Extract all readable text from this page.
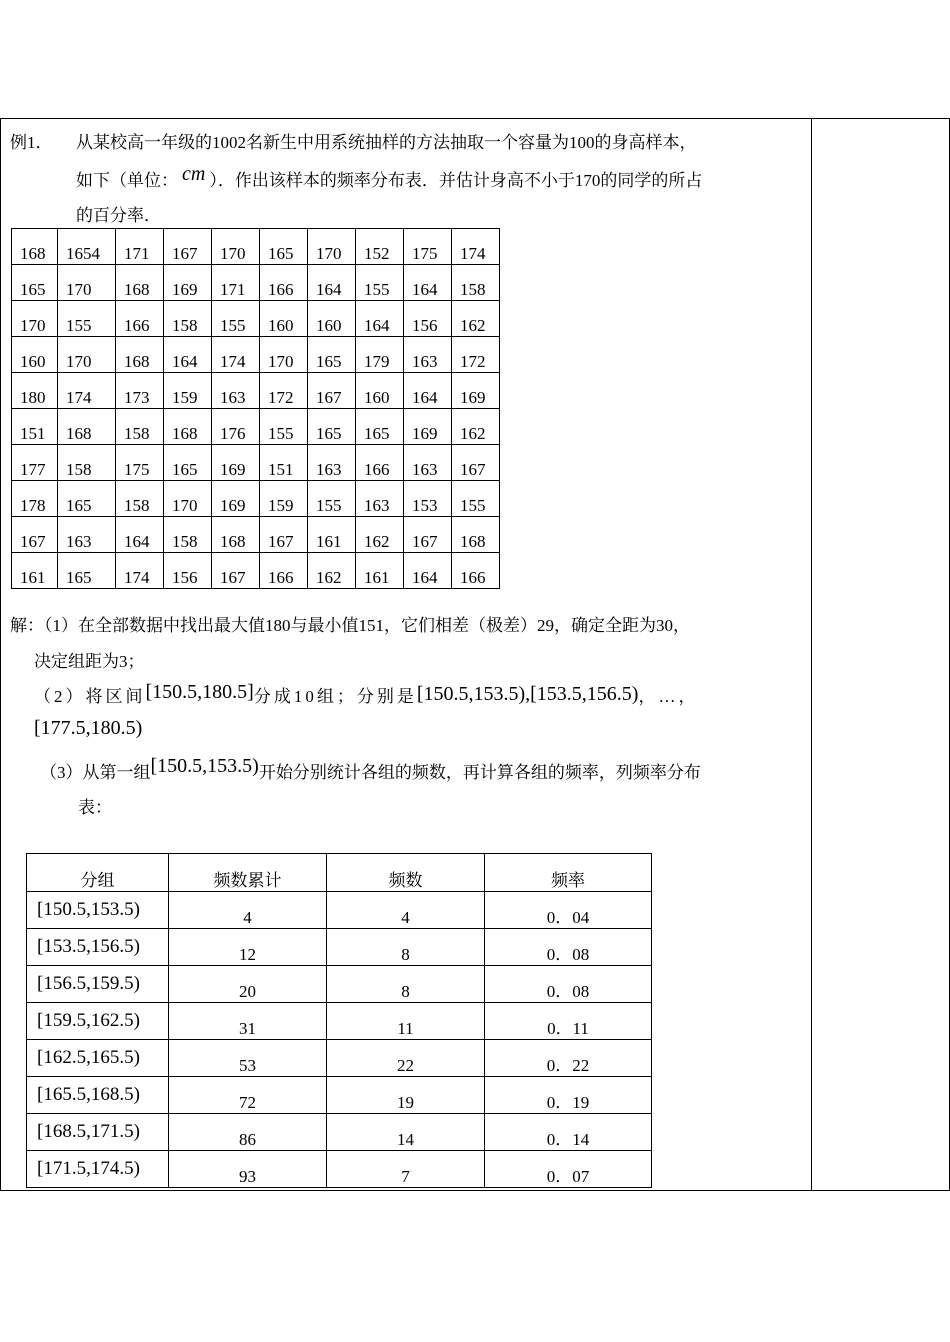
例1． 从某校高一年级的1002名新生中用系统抽样的方法抽取一个容量为100的身高样本，
如下（单位： cm ）．作出该样本的频率分布表．并估计身高不小于170的同学的所占
的百分率．
168	1654	171	167	170	165	170	152	175	174
165	170	168	169	171	166	164	155	164	158
170	155	166	158	155	160	160	164	156	162
160	170	168	164	174	170	165	179	163	172
180	174	173	159	163	172	167	160	164	169
151	168	158	168	176	155	165	165	169	162
177	158	175	165	169	151	163	166	163	167
178	165	158	170	169	159	155	163	153	155
167	163	164	158	168	167	161	162	167	168
161	165	174	156	167	166	162	161	164	166
解：（1）在全部数据中找出最大值180与最小值151，它们相差（极差）29，确定全距为30，
决定组距为3；
（2）将区间[150.5,180.5]分成10组；分别是[150.5,153.5),[153.5,156.5)，…，
[177.5,180.5)
（3）从第一组[150.5,153.5)开始分别统计各组的频数，再计算各组的频率，列频率分布
表：
分组	频数累计	频数	频率
[150.5,153.5)	4	4	0．04
[153.5,156.5)	12	8	0．08
[156.5,159.5)	20	8	0．08
[159.5,162.5)	31	11	0．11
[162.5,165.5)	53	22	0．22
[165.5,168.5)	72	19	0．19
[168.5,171.5)	86	14	0．14
[171.5,174.5)	93	7	0．07
